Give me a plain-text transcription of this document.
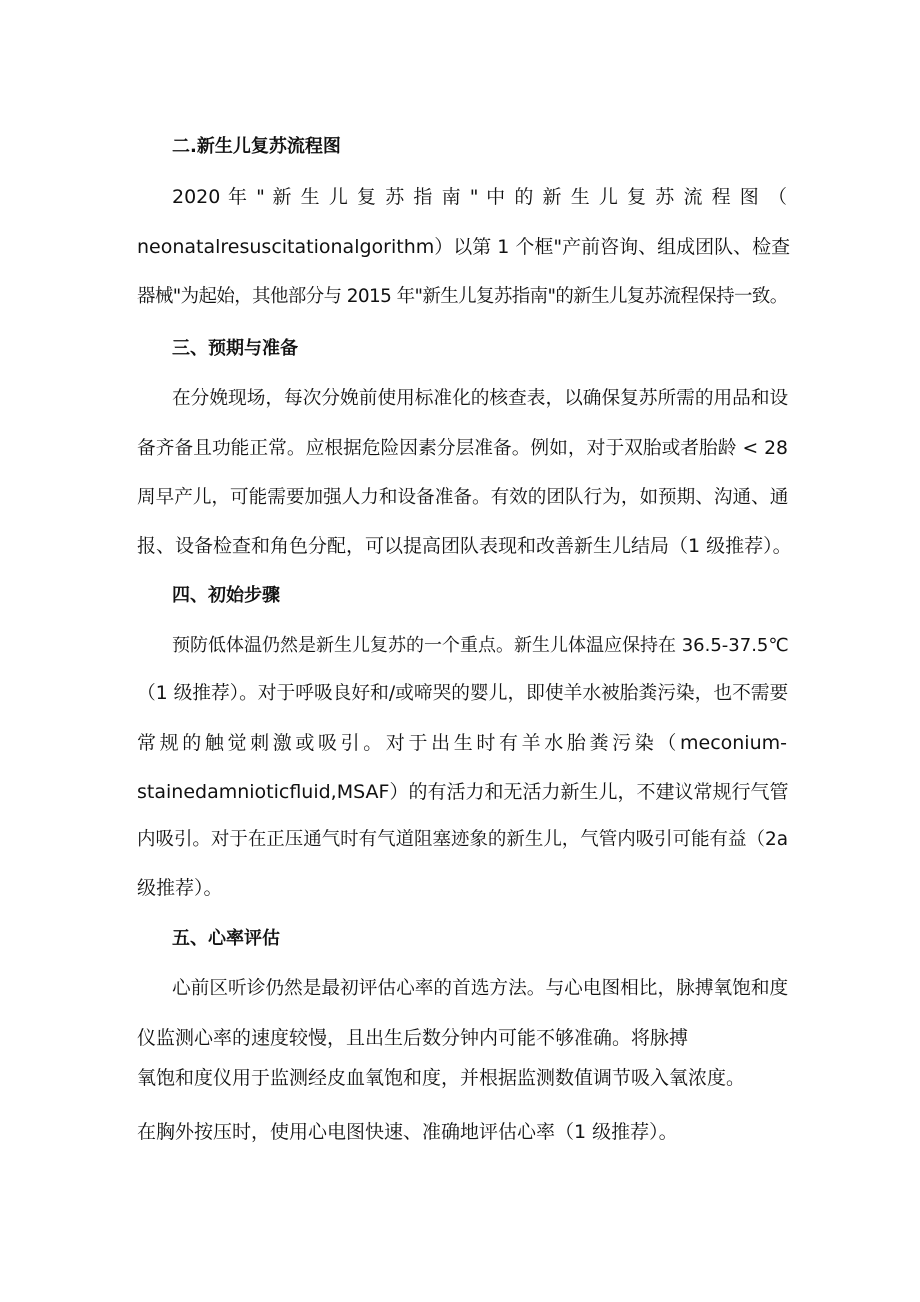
二.新生儿复苏流程图
2020 年 " 新 生 儿 复 苏 指 南 " 中 的 新 生 儿 复 苏 流 程 图 （
neonatalresuscitationalgorithm）以第 1 个框"产前咨询、组成团队、检查
器械"为起始，其他部分与 2015 年"新生儿复苏指南"的新生儿复苏流程保持一致。
三、预期与准备
在分娩现场，每次分娩前使用标准化的核查表，以确保复苏所需的用品和设
备齐备且功能正常。应根据危险因素分层准备。例如，对于双胎或者胎龄 < 28
周早产儿，可能需要加强人力和设备准备。有效的团队行为，如预期、沟通、通
报、设备检查和角色分配，可以提高团队表现和改善新生儿结局（1 级推荐）。
四、初始步骤
预防低体温仍然是新生儿复苏的一个重点。新生儿体温应保持在 36.5-37.5℃
（1 级推荐）。对于呼吸良好和/或啼哭的婴儿，即使羊水被胎粪污染，也不需要
常规的触觉刺激或吸引。对于出生时有羊水胎粪污染（meconium-
stainedamnioticfluid,MSAF）的有活力和无活力新生儿，不建议常规行气管
内吸引。对于在正压通气时有气道阻塞迹象的新生儿，气管内吸引可能有益（2a
级推荐）。
五、心率评估
心前区听诊仍然是最初评估心率的首选方法。与心电图相比，脉搏氧饱和度
仪监测心率的速度较慢，且出生后数分钟内可能不够准确。将脉搏
氧饱和度仪用于监测经皮血氧饱和度，并根据监测数值调节吸入氧浓度。
在胸外按压时，使用心电图快速、准确地评估心率（1 级推荐）。
